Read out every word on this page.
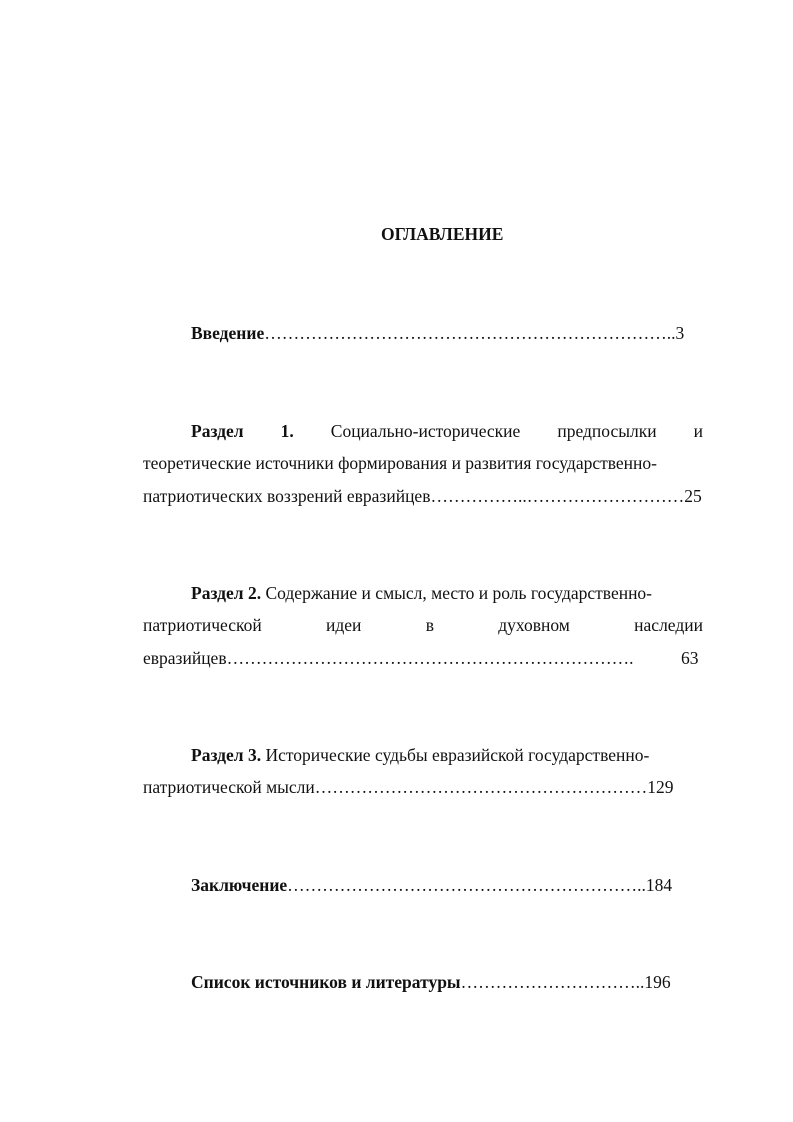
ОГЛАВЛЕНИЕ
Введение……………………………………………………………..3
Раздел 1. Социально-исторические предпосылки и
теоретические источники формирования и развития государственно-
патриотических воззрений евразийцев……………..………………………25
Раздел 2. Содержание и смысл, место и роль государственно-
патриотической	идеи	в	духовном	наследии
евразийцев…………………………………………………………….	63
Раздел 3. Исторические судьбы евразийской государственно-
патриотической мысли…………………………………………………129
Заключение……………………………………………………..184
Список источников и литературы…………………………..196
